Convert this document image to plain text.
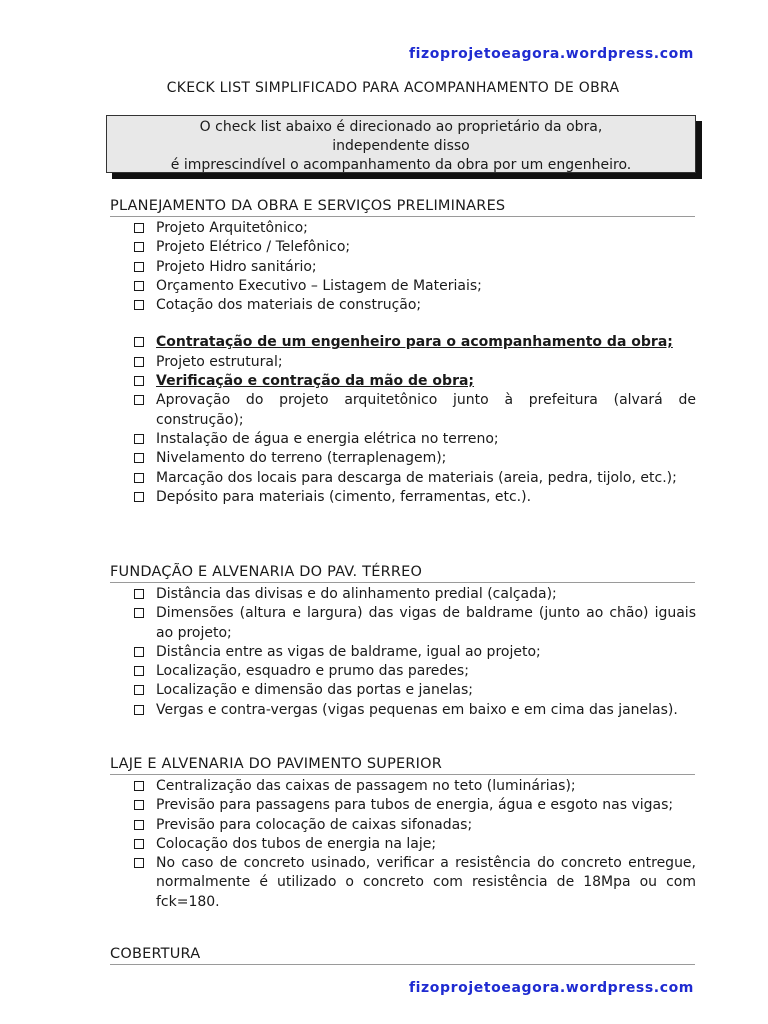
fizoprojetoeagora.wordpress.com
CKECK LIST SIMPLIFICADO PARA ACOMPANHAMENTO DE OBRA
O check list abaixo é direcionado ao proprietário da obra,
independente disso
é imprescindível o acompanhamento da obra por um engenheiro.
PLANEJAMENTO DA OBRA E SERVIÇOS PRELIMINARES
Projeto Arquitetônico;
Projeto Elétrico / Telefônico;
Projeto Hidro sanitário;
Orçamento Executivo – Listagem de Materiais;
Cotação dos materiais de construção;
Contratação de um engenheiro para o acompanhamento da obra;
Projeto estrutural;
Verificação e contração da mão de obra;
Aprovação do projeto arquitetônico junto à prefeitura (alvará de construção);
Instalação de água e energia elétrica no terreno;
Nivelamento do terreno (terraplenagem);
Marcação dos locais para descarga de materiais (areia, pedra, tijolo, etc.);
Depósito para materiais (cimento, ferramentas, etc.).
FUNDAÇÃO E ALVENARIA DO PAV. TÉRREO
Distância das divisas e do alinhamento predial (calçada);
Dimensões (altura e largura) das vigas de baldrame (junto ao chão) iguais ao projeto;
Distância entre as vigas de baldrame, igual ao projeto;
Localização, esquadro e prumo das paredes;
Localização e dimensão das portas e janelas;
Vergas e contra-vergas (vigas pequenas em baixo e em cima das janelas).
LAJE E ALVENARIA DO PAVIMENTO SUPERIOR
Centralização das caixas de passagem no teto (luminárias);
Previsão para passagens para tubos de energia, água e esgoto nas vigas;
Previsão para colocação de caixas sifonadas;
Colocação dos tubos de energia na laje;
No caso de concreto usinado, verificar a resistência do concreto entregue, normalmente é utilizado o concreto com resistência de 18Mpa ou com fck=180.
COBERTURA
fizoprojetoeagora.wordpress.com
